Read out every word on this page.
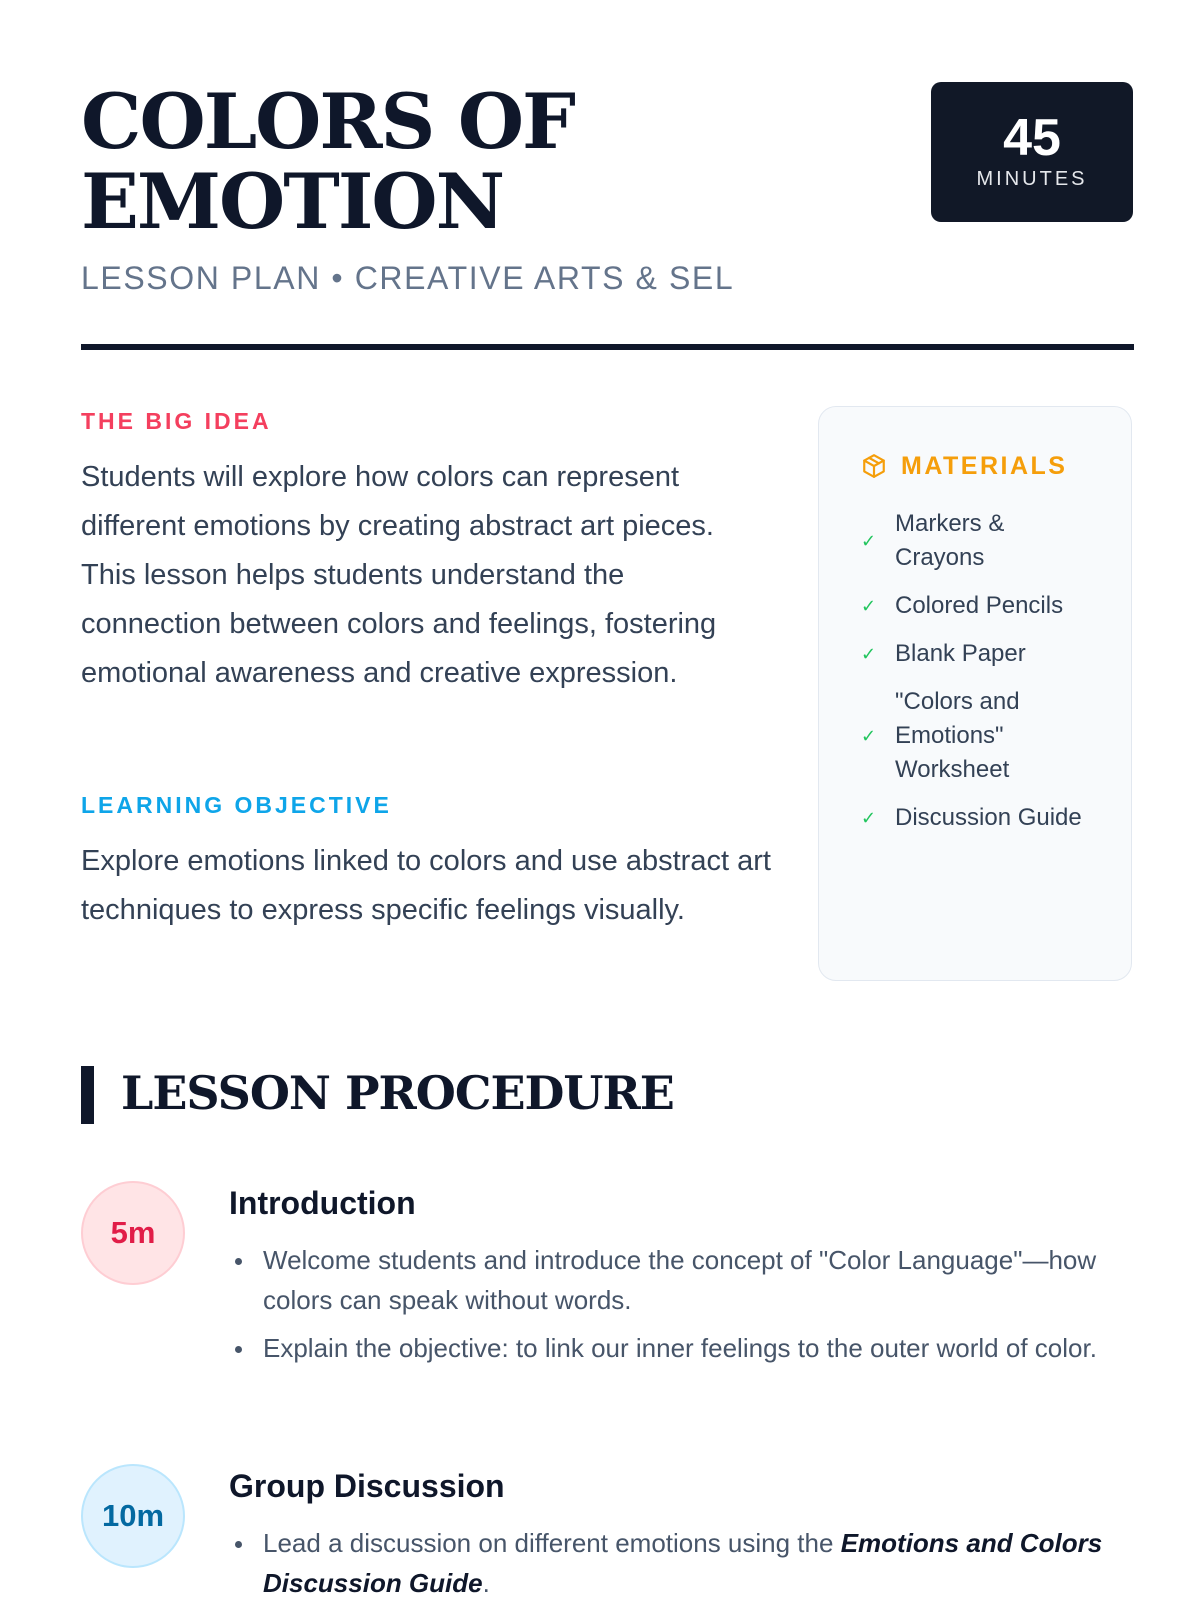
COLORS OF EMOTION
LESSON PLAN • CREATIVE ARTS & SEL
45
MINUTES
THE BIG IDEA

Students will explore how colors can represent different emotions by creating abstract art pieces. This lesson helps students understand the connection between colors and feelings, fostering emotional awareness and creative expression.

LEARNING OBJECTIVE

Explore emotions linked to colors and use abstract art techniques to express specific feelings visually.

MATERIALS
✓
Markers & Crayons
✓ Colored Pencils
✓ Blank Paper
✓
"Colors and Emotions" Worksheet
✓ Discussion Guide
LESSON PROCEDURE
5m
Introduction
Welcome students and introduce the concept of "Color Language"—how colors can speak without words.
Explain the objective: to link our inner feelings to the outer world of color.
10m
Group Discussion
Lead a discussion on different emotions using the Emotions and Colors Discussion Guide.
